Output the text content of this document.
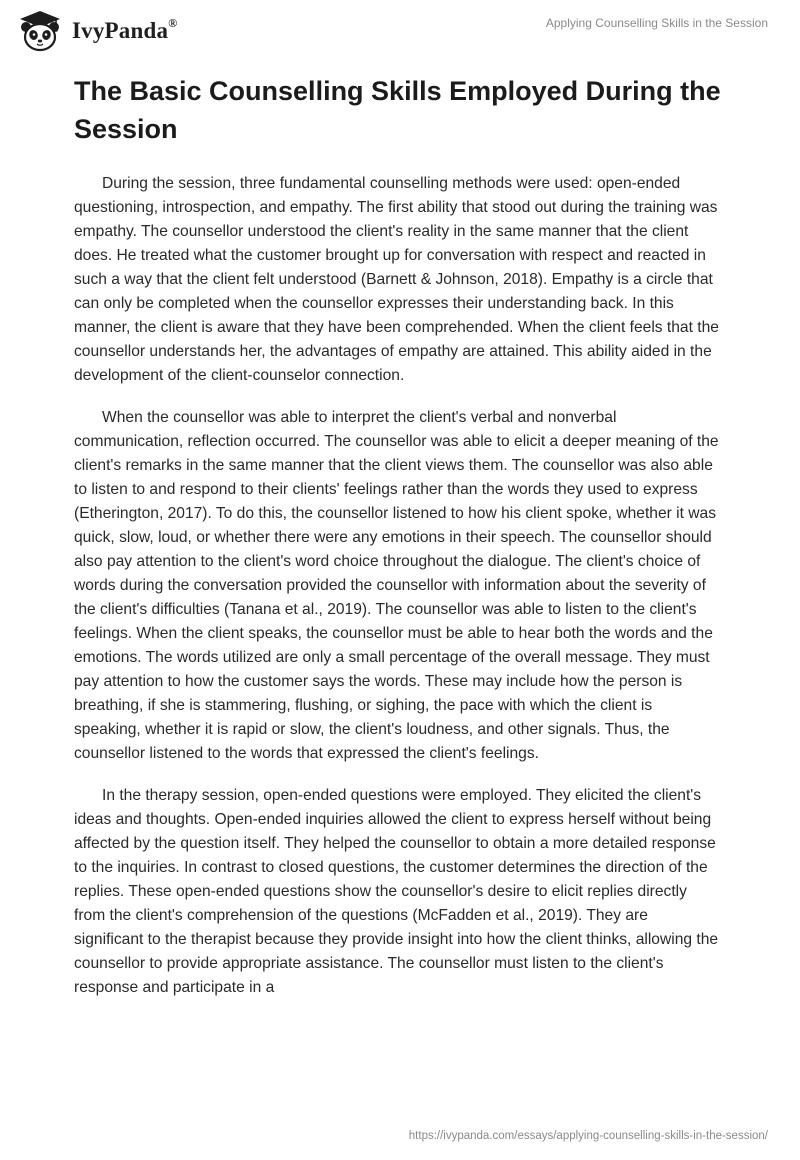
IvyPanda®	Applying Counselling Skills in the Session
The Basic Counselling Skills Employed During the Session

During the session, three fundamental counselling methods were used: open-ended questioning, introspection, and empathy. The first ability that stood out during the training was empathy. The counsellor understood the client's reality in the same manner that the client does. He treated what the customer brought up for conversation with respect and reacted in such a way that the client felt understood (Barnett & Johnson, 2018). Empathy is a circle that can only be completed when the counsellor expresses their understanding back. In this manner, the client is aware that they have been comprehended. When the client feels that the counsellor understands her, the advantages of empathy are attained. This ability aided in the development of the client-counselor connection.

When the counsellor was able to interpret the client's verbal and nonverbal communication, reflection occurred. The counsellor was able to elicit a deeper meaning of the client's remarks in the same manner that the client views them. The counsellor was also able to listen to and respond to their clients' feelings rather than the words they used to express (Etherington, 2017). To do this, the counsellor listened to how his client spoke, whether it was quick, slow, loud, or whether there were any emotions in their speech. The counsellor should also pay attention to the client's word choice throughout the dialogue. The client's choice of words during the conversation provided the counsellor with information about the severity of the client's difficulties (Tanana et al., 2019). The counsellor was able to listen to the client's feelings. When the client speaks, the counsellor must be able to hear both the words and the emotions. The words utilized are only a small percentage of the overall message. They must pay attention to how the customer says the words. These may include how the person is breathing, if she is stammering, flushing, or sighing, the pace with which the client is speaking, whether it is rapid or slow, the client's loudness, and other signals. Thus, the counsellor listened to the words that expressed the client's feelings.

In the therapy session, open-ended questions were employed. They elicited the client's ideas and thoughts. Open-ended inquiries allowed the client to express herself without being affected by the question itself. They helped the counsellor to obtain a more detailed response to the inquiries. In contrast to closed questions, the customer determines the direction of the replies. These open-ended questions show the counsellor's desire to elicit replies directly from the client's comprehension of the questions (McFadden et al., 2019). They are significant to the therapist because they provide insight into how the client thinks, allowing the counsellor to provide appropriate assistance. The counsellor must listen to the client's response and participate in a

https://ivypanda.com/essays/applying-counselling-skills-in-the-session/
